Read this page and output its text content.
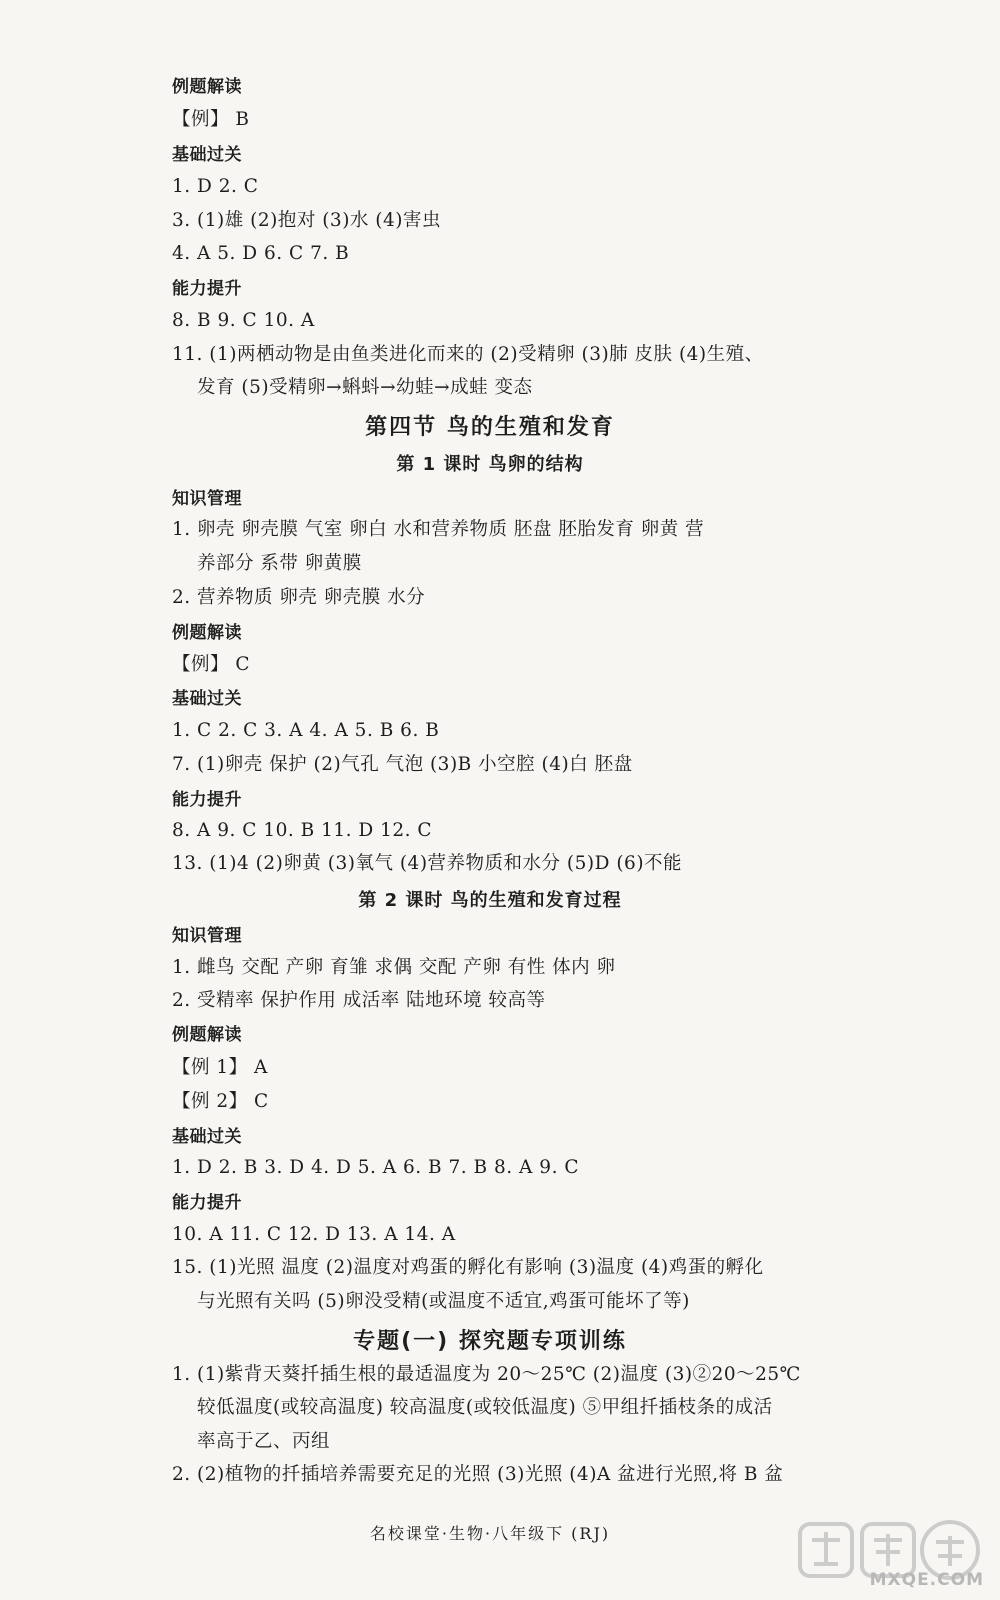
例题解读
【例】 B
基础过关
1. D 2. C
3. (1)雄 (2)抱对 (3)水 (4)害虫
4. A 5. D 6. C 7. B
能力提升
8. B 9. C 10. A
11. (1)两栖动物是由鱼类进化而来的 (2)受精卵 (3)肺 皮肤 (4)生殖、
发育 (5)受精卵→蝌蚪→幼蛙→成蛙 变态
第四节 鸟的生殖和发育
第 1 课时 鸟卵的结构
知识管理
1. 卵壳 卵壳膜 气室 卵白 水和营养物质 胚盘 胚胎发育 卵黄 营
养部分 系带 卵黄膜
2. 营养物质 卵壳 卵壳膜 水分
例题解读
【例】 C
基础过关
1. C 2. C 3. A 4. A 5. B 6. B
7. (1)卵壳 保护 (2)气孔 气泡 (3)B 小空腔 (4)白 胚盘
能力提升
8. A 9. C 10. B 11. D 12. C
13. (1)4 (2)卵黄 (3)氧气 (4)营养物质和水分 (5)D (6)不能
第 2 课时 鸟的生殖和发育过程
知识管理
1. 雌鸟 交配 产卵 育雏 求偶 交配 产卵 有性 体内 卵
2. 受精率 保护作用 成活率 陆地环境 较高等
例题解读
【例 1】 A
【例 2】 C
基础过关
1. D 2. B 3. D 4. D 5. A 6. B 7. B 8. A 9. C
能力提升
10. A 11. C 12. D 13. A 14. A
15. (1)光照 温度 (2)温度对鸡蛋的孵化有影响 (3)温度 (4)鸡蛋的孵化
与光照有关吗 (5)卵没受精(或温度不适宜,鸡蛋可能坏了等)
专题(一) 探究题专项训练
1. (1)紫背天葵扦插生根的最适温度为 20～25℃ (2)温度 (3)②20～25℃
较低温度(或较高温度) 较高温度(或较低温度) ⑤甲组扦插枝条的成活
率高于乙、丙组
2. (2)植物的扦插培养需要充足的光照 (3)光照 (4)A 盆进行光照,将 B 盆
名校课堂·生物·八年级下 (RJ)
MXQE.COM
